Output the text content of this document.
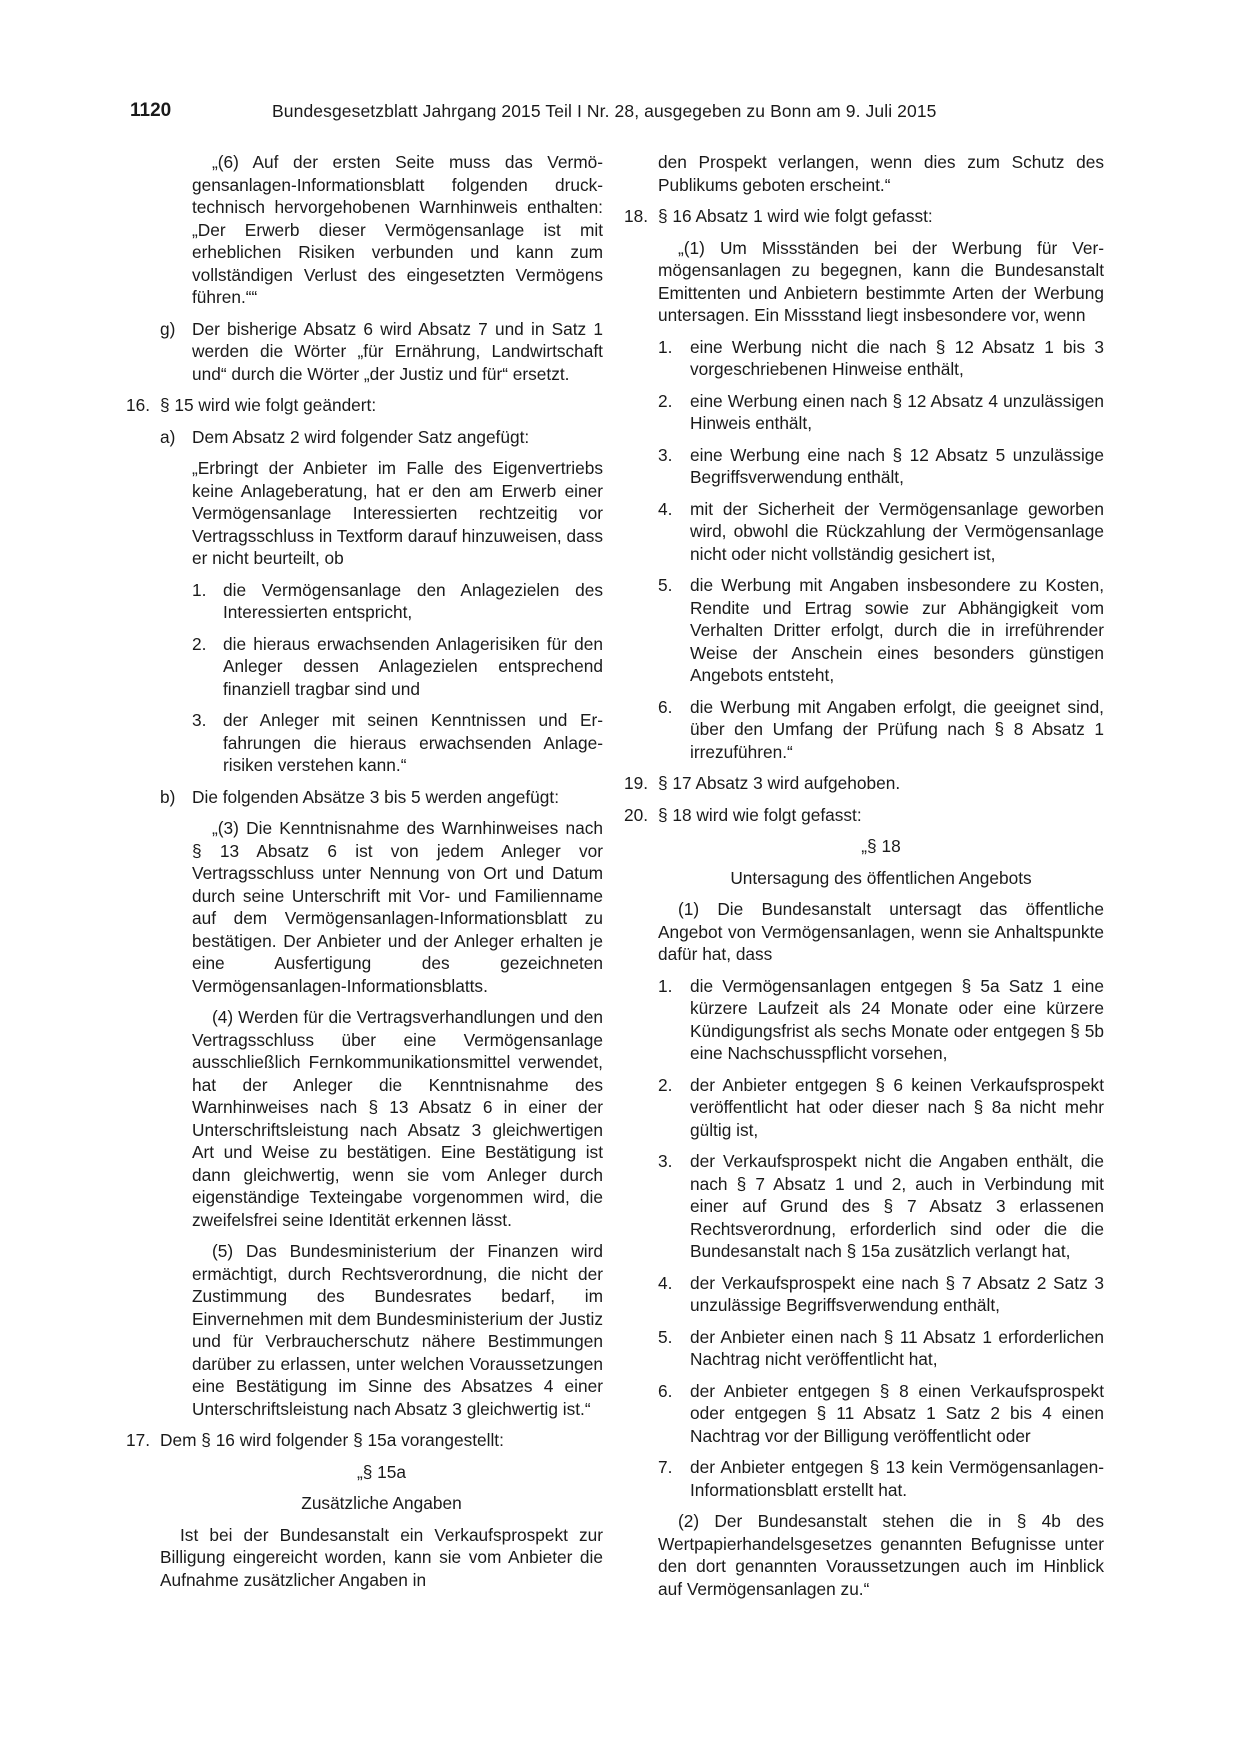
1120	Bundesgesetzblatt Jahrgang 2015 Teil I Nr. 28, ausgegeben zu Bonn am 9. Juli 2015

„(6) Auf der ersten Seite muss das Vermögensanlagen-Informationsblatt folgenden drucktechnisch hervorgehobenen Warnhinweis enthalten: „Der Erwerb dieser Vermögensanlage ist mit erheblichen Risiken verbunden und kann zum vollständigen Verlust des eingesetzten Vermögens führen.““

g) Der bisherige Absatz 6 wird Absatz 7 und in Satz 1 werden die Wörter „für Ernährung, Landwirtschaft und“ durch die Wörter „der Justiz und für“ ersetzt.
16. § 15 wird wie folgt geändert:
a) Dem Absatz 2 wird folgender Satz angefügt:

„Erbringt der Anbieter im Falle des Eigenvertriebs keine Anlageberatung, hat er den am Erwerb einer Vermögensanlage Interessierten rechtzeitig vor Vertragsschluss in Textform darauf hinzuweisen, dass er nicht beurteilt, ob

1. die Vermögensanlage den Anlagezielen des Interessierten entspricht,
2. die hieraus erwachsenden Anlagerisiken für den Anleger dessen Anlagezielen entsprechend finanziell tragbar sind und
3. der Anleger mit seinen Kenntnissen und Erfahrungen die hieraus erwachsenden Anlagerisiken verstehen kann.“
b) Die folgenden Absätze 3 bis 5 werden angefügt:

„(3) Die Kenntnisnahme des Warnhinweises nach § 13 Absatz 6 ist von jedem Anleger vor Vertragsschluss unter Nennung von Ort und Datum durch seine Unterschrift mit Vor- und Familienname auf dem Vermögensanlagen-Informationsblatt zu bestätigen. Der Anbieter und der Anleger erhalten je eine Ausfertigung des gezeichneten Vermögensanlagen-Informationsblatts.

(4) Werden für die Vertragsverhandlungen und den Vertragsschluss über eine Vermögensanlage ausschließlich Fernkommunikationsmittel verwendet, hat der Anleger die Kenntnisnahme des Warnhinweises nach § 13 Absatz 6 in einer der Unterschriftsleistung nach Absatz 3 gleichwertigen Art und Weise zu bestätigen. Eine Bestätigung ist dann gleichwertig, wenn sie vom Anleger durch eigenständige Texteingabe vorgenommen wird, die zweifelsfrei seine Identität erkennen lässt.

(5) Das Bundesministerium der Finanzen wird ermächtigt, durch Rechtsverordnung, die nicht der Zustimmung des Bundesrates bedarf, im Einvernehmen mit dem Bundesministerium der Justiz und für Verbraucherschutz nähere Bestimmungen darüber zu erlassen, unter welchen Voraussetzungen eine Bestätigung im Sinne des Absatzes 4 einer Unterschriftsleistung nach Absatz 3 gleichwertig ist.“

17. Dem § 16 wird folgender § 15a vorangestellt:
„§ 15a
Zusätzliche Angaben

Ist bei der Bundesanstalt ein Verkaufsprospekt zur Billigung eingereicht worden, kann sie vom Anbieter die Aufnahme zusätzlicher Angaben in

den Prospekt verlangen, wenn dies zum Schutz des Publikums geboten erscheint.“

18. § 16 Absatz 1 wird wie folgt gefasst:

„(1) Um Missständen bei der Werbung für Vermögensanlagen zu begegnen, kann die Bundesanstalt Emittenten und Anbietern bestimmte Arten der Werbung untersagen. Ein Missstand liegt insbesondere vor, wenn

1. eine Werbung nicht die nach § 12 Absatz 1 bis 3 vorgeschriebenen Hinweise enthält,
2. eine Werbung einen nach § 12 Absatz 4 unzulässigen Hinweis enthält,
3. eine Werbung eine nach § 12 Absatz 5 unzulässige Begriffsverwendung enthält,
4. mit der Sicherheit der Vermögensanlage geworben wird, obwohl die Rückzahlung der Vermögensanlage nicht oder nicht vollständig gesichert ist,
5. die Werbung mit Angaben insbesondere zu Kosten, Rendite und Ertrag sowie zur Abhängigkeit vom Verhalten Dritter erfolgt, durch die in irreführender Weise der Anschein eines besonders günstigen Angebots entsteht,
6. die Werbung mit Angaben erfolgt, die geeignet sind, über den Umfang der Prüfung nach § 8 Absatz 1 irrezuführen.“
19. § 17 Absatz 3 wird aufgehoben.
20. § 18 wird wie folgt gefasst:
„§ 18
Untersagung des öffentlichen Angebots

(1) Die Bundesanstalt untersagt das öffentliche Angebot von Vermögensanlagen, wenn sie Anhaltspunkte dafür hat, dass

1. die Vermögensanlagen entgegen § 5a Satz 1 eine kürzere Laufzeit als 24 Monate oder eine kürzere Kündigungsfrist als sechs Monate oder entgegen § 5b eine Nachschusspflicht vorsehen,
2. der Anbieter entgegen § 6 keinen Verkaufsprospekt veröffentlicht hat oder dieser nach § 8a nicht mehr gültig ist,
3. der Verkaufsprospekt nicht die Angaben enthält, die nach § 7 Absatz 1 und 2, auch in Verbindung mit einer auf Grund des § 7 Absatz 3 erlassenen Rechtsverordnung, erforderlich sind oder die die Bundesanstalt nach § 15a zusätzlich verlangt hat,
4. der Verkaufsprospekt eine nach § 7 Absatz 2 Satz 3 unzulässige Begriffsverwendung enthält,
5. der Anbieter einen nach § 11 Absatz 1 erforderlichen Nachtrag nicht veröffentlicht hat,
6. der Anbieter entgegen § 8 einen Verkaufsprospekt oder entgegen § 11 Absatz 1 Satz 2 bis 4 einen Nachtrag vor der Billigung veröffentlicht oder
7. der Anbieter entgegen § 13 kein Vermögensanlagen-Informationsblatt erstellt hat.

(2) Der Bundesanstalt stehen die in § 4b des Wertpapierhandelsgesetzes genannten Befugnisse unter den dort genannten Voraussetzungen auch im Hinblick auf Vermögensanlagen zu.“
